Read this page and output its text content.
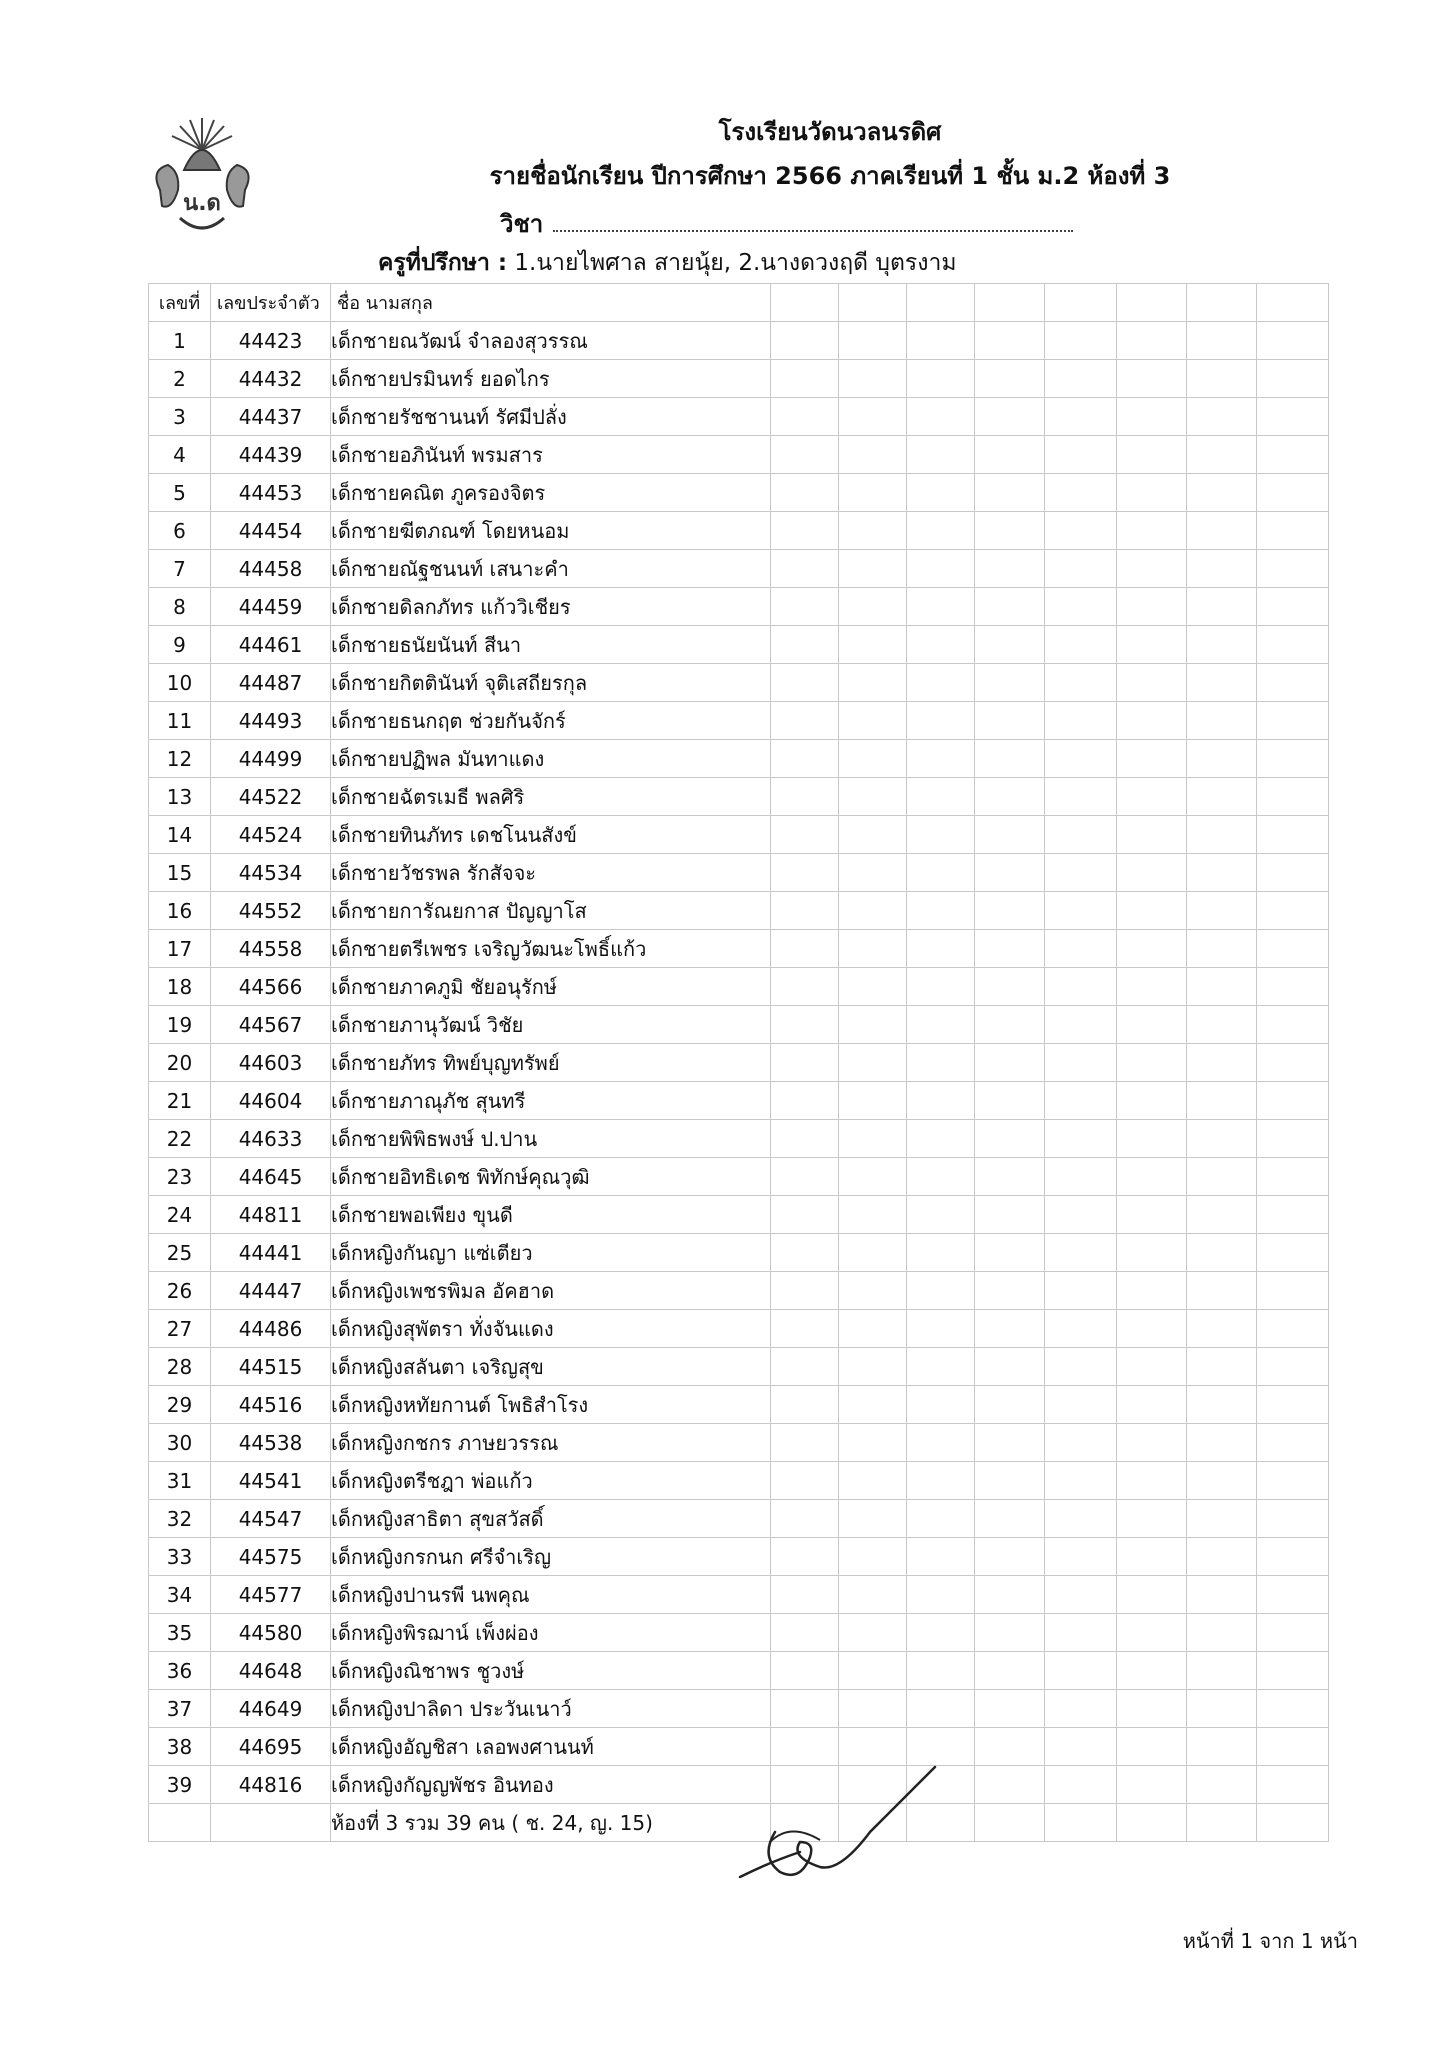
น.ด
โรงเรียนวัดนวลนรดิศ
รายชื่อนักเรียน ปีการศึกษา 2566 ภาคเรียนที่ 1 ชั้น ม.2 ห้องที่ 3
วิชา
ครูที่ปรึกษา : 1.นายไพศาล สายนุ้ย, 2.นางดวงฤดี บุตรงาม
เลขที่	เลขประจำตัว	ชื่อ นามสกุล								
1	44423	เด็กชายณวัฒน์ จำลองสุวรรณ								
2	44432	เด็กชายปรมินทร์ ยอดไกร								
3	44437	เด็กชายรัชชานนท์ รัศมีปลั่ง								
4	44439	เด็กชายอภินันท์ พรมสาร								
5	44453	เด็กชายคณิต ภูครองจิตร								
6	44454	เด็กชายฆีตภณฑ์ โดยหนอม								
7	44458	เด็กชายณัฐชนนท์ เสนาะคำ								
8	44459	เด็กชายดิลกภัทร แก้ววิเชียร								
9	44461	เด็กชายธนัยนันท์ สีนา								
10	44487	เด็กชายกิตตินันท์ จุติเสถียรกุล								
11	44493	เด็กชายธนกฤต ช่วยกันจักร์								
12	44499	เด็กชายปฏิพล มันทาแดง								
13	44522	เด็กชายฉัตรเมธี พลศิริ								
14	44524	เด็กชายทินภัทร เดชโนนสังข์								
15	44534	เด็กชายวัชรพล รักสัจจะ								
16	44552	เด็กชายการัณยกาส ปัญญาโส								
17	44558	เด็กชายตรีเพชร เจริญวัฒนะโพธิ์แก้ว								
18	44566	เด็กชายภาคภูมิ ชัยอนุรักษ์								
19	44567	เด็กชายภานุวัฒน์ วิชัย								
20	44603	เด็กชายภัทร ทิพย์บุญทรัพย์								
21	44604	เด็กชายภาณุภัช สุนทรี								
22	44633	เด็กชายพิพิธพงษ์ ป.ปาน								
23	44645	เด็กชายอิทธิเดช พิทักษ์คุณวุฒิ								
24	44811	เด็กชายพอเพียง ขุนดี								
25	44441	เด็กหญิงกันญา แซ่เตียว								
26	44447	เด็กหญิงเพชรพิมล อัคฮาด								
27	44486	เด็กหญิงสุพัตรา ทั่งจันแดง								
28	44515	เด็กหญิงสลันตา เจริญสุข								
29	44516	เด็กหญิงหทัยกานต์ โพธิสำโรง								
30	44538	เด็กหญิงกชกร ภาษยวรรณ								
31	44541	เด็กหญิงตรีชฎา พ่อแก้ว								
32	44547	เด็กหญิงสาธิตา สุขสวัสดิ์								
33	44575	เด็กหญิงกรกนก ศรีจำเริญ								
34	44577	เด็กหญิงปานรพี นพคุณ								
35	44580	เด็กหญิงพิรฌาน์ เพ็งผ่อง								
36	44648	เด็กหญิงณิชาพร ชูวงษ์								
37	44649	เด็กหญิงปาลิดา ประวันเนาว์								
38	44695	เด็กหญิงอัญชิสา เลอพงศานนท์								
39	44816	เด็กหญิงกัญญพัชร อินทอง								
		ห้องที่ 3 รวม 39 คน ( ช. 24, ญ. 15)								
หน้าที่ 1 จาก 1 หน้า
